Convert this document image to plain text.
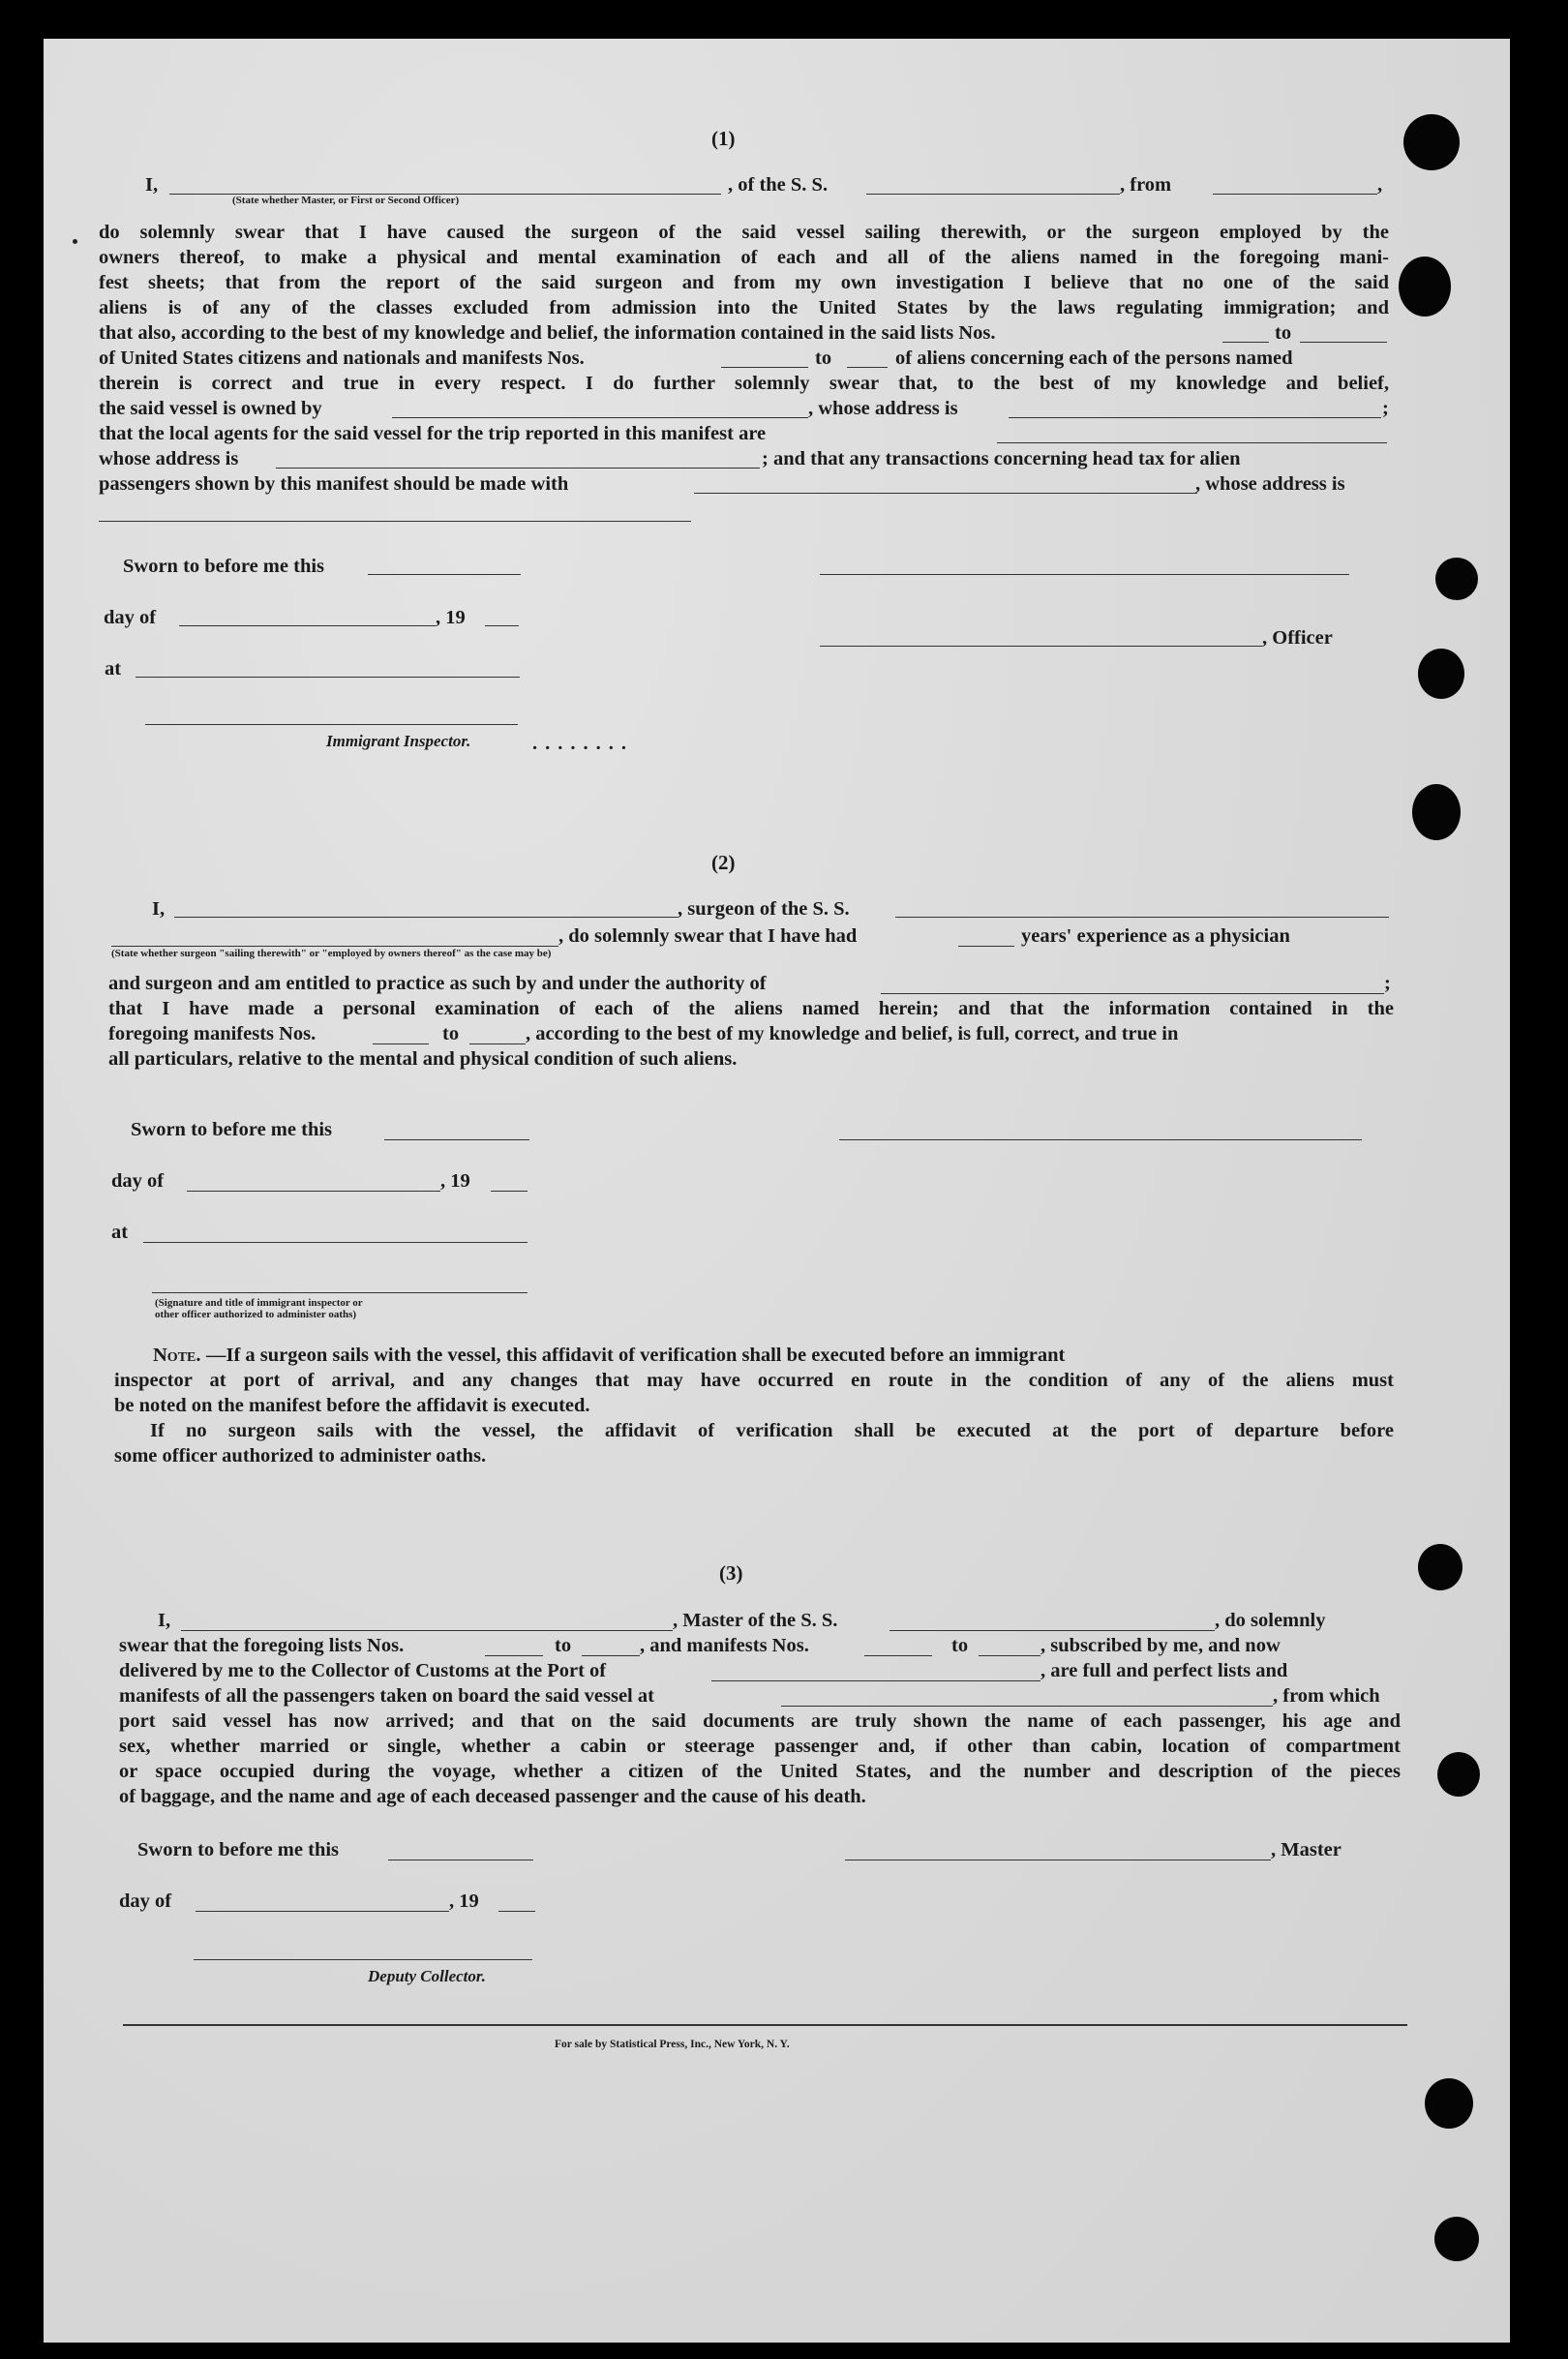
(1)
I,
(State whether Master, or First or Second Officer)
, of the S. S.	, from	,
do solemnly swear that I have caused the surgeon of the said vessel sailing therewith, or the surgeon employed by the
owners thereof, to make a physical and mental examination of each and all of the aliens named in the foregoing mani-
fest sheets; that from the report of the said surgeon and from my own investigation I believe that no one of the said
aliens is of any of the classes excluded from admission into the United States by the laws regulating immigration; and
that also, according to the best of my knowledge and belief, the information contained in the said lists Nos.	to
of United States citizens and nationals and manifests Nos.	to	of aliens concerning each of the persons named
therein is correct and true in every respect. I do further solemnly swear that, to the best of my knowledge and belief,
the said vessel is owned by	, whose address is	;
that the local agents for the said vessel for the trip reported in this manifest are
whose address is	; and that any transactions concerning head tax for alien
passengers shown by this manifest should be made with	, whose address is
Sworn to before me this
day of	, 19
, Officer
at
Immigrant Inspector.	........
(2)
I,	, surgeon of the S. S.
, do solemnly swear that I have had	years' experience as a physician
(State whether surgeon "sailing therewith" or "employed by owners thereof" as the case may be)
and surgeon and am entitled to practice as such by and under the authority of	;
that I have made a personal examination of each of the aliens named herein; and that the information contained in the
foregoing manifests Nos.	to	, according to the best of my knowledge and belief, is full, correct, and true in
all particulars, relative to the mental and physical condition of such aliens.
Sworn to before me this
day of	, 19
at
(Signature and title of immigrant inspector or
other officer authorized to administer oaths)
Note. —If a surgeon sails with the vessel, this affidavit of verification shall be executed before an immigrant
inspector at port of arrival, and any changes that may have occurred en route in the condition of any of the aliens must
be noted on the manifest before the affidavit is executed.
If no surgeon sails with the vessel, the affidavit of verification shall be executed at the port of departure before
some officer authorized to administer oaths.
(3)
I,	, Master of the S. S.	, do solemnly
swear that the foregoing lists Nos.	to	, and manifests Nos.	to	, subscribed by me, and now
delivered by me to the Collector of Customs at the Port of	, are full and perfect lists and
manifests of all the passengers taken on board the said vessel at	, from which
port said vessel has now arrived; and that on the said documents are truly shown the name of each passenger, his age and
sex, whether married or single, whether a cabin or steerage passenger and, if other than cabin, location of compartment
or space occupied during the voyage, whether a citizen of the United States, and the number and description of the pieces
of baggage, and the name and age of each deceased passenger and the cause of his death.
Sworn to before me this	, Master
day of	, 19
Deputy Collector.
For sale by Statistical Press, Inc., New York, N. Y.
